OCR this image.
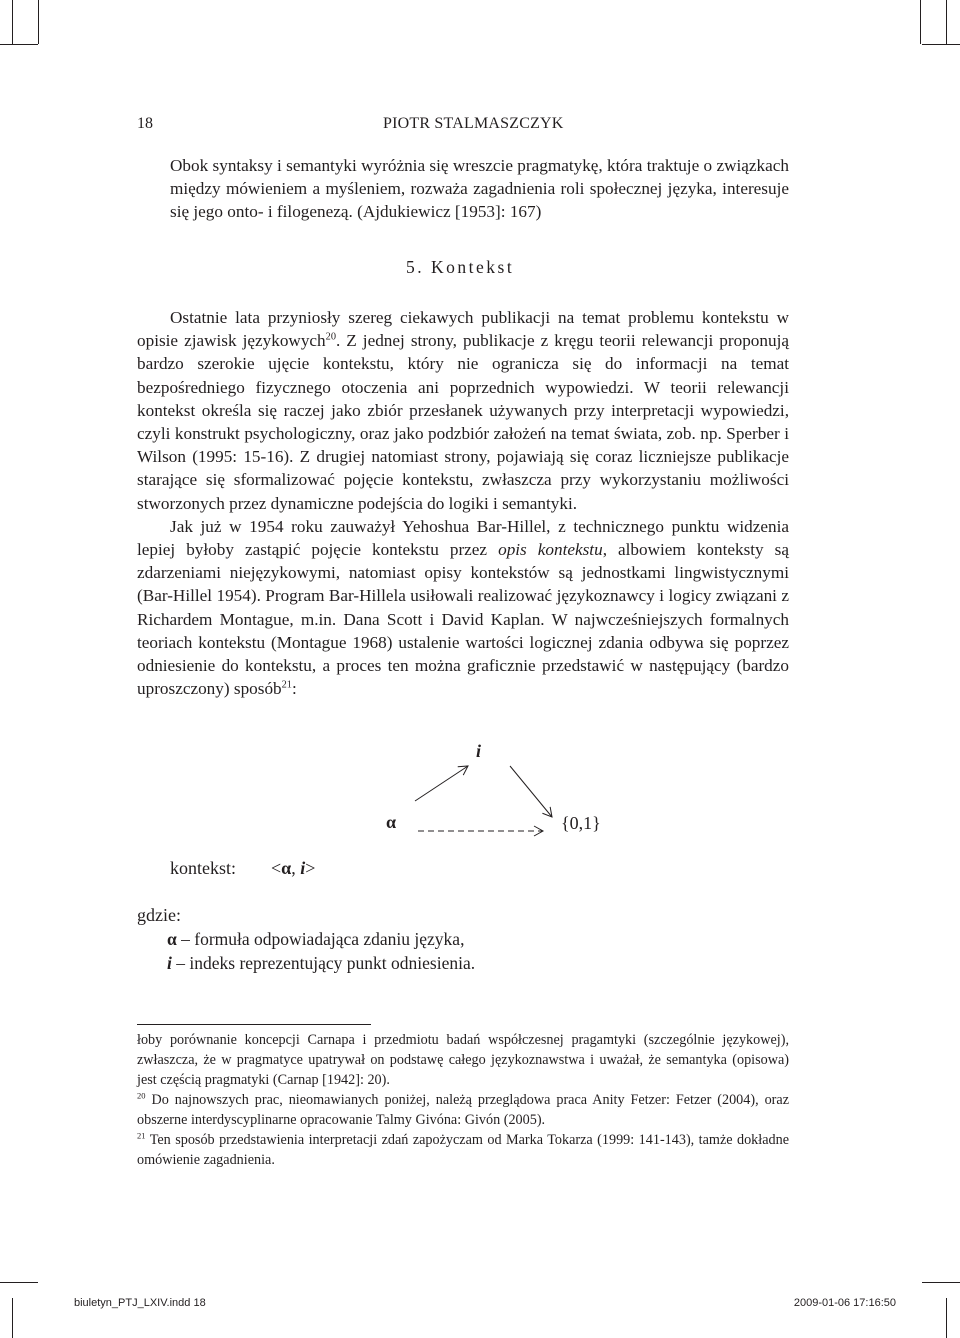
18	PIOTR STALMASZCZYK

Obok syntaksy i semantyki wyróżnia się wreszcie pragmatykę, która traktuje o związkach między mówieniem a myśleniem, rozważa zagadnienia roli społecznej języka, interesuje się jego onto- i filogenezą. (Ajdukiewicz [1953]: 167)

5. Kontekst

Ostatnie lata przyniosły szereg ciekawych publikacji na temat problemu kontekstu w opisie zjawisk językowych$^{20}$. Z jednej strony, publikacje z kręgu teorii relewancji proponują bardzo szerokie ujęcie kontekstu, który nie ogranicza się do informacji na temat bezpośredniego fizycznego otoczenia ani poprzednich wypowiedzi. W teorii relewancji kontekst określa się raczej jako zbiór przesłanek używanych przy interpretacji wypowiedzi, czyli konstrukt psychologiczny, oraz jako podzbiór założeń na temat świata, zob. np. Sperber i Wilson (1995: 15-16). Z drugiej natomiast strony, pojawiają się coraz liczniejsze publikacje starające się sformalizować pojęcie kontekstu, zwłaszcza przy wykorzystaniu możliwości stworzonych przez dynamiczne podejścia do logiki i semantyki.

Jak już w 1954 roku zauważył Yehoshua Bar-Hillel, z technicznego punktu widzenia lepiej byłoby zastąpić pojęcie kontekstu przez opis kontekstu, albowiem konteksty są zdarzeniami niejęzykowymi, natomiast opisy kontekstów są jednostkami lingwistycznymi (Bar-Hillel 1954). Program Bar-Hillela usiłowali realizować językoznawcy i logicy związani z Richardem Montague, m.in. Dana Scott i David Kaplan. W najwcześniejszych formalnych teoriach kontekstu (Montague 1968) ustalenie wartości logicznej zdania odbywa się poprzez odniesienie do kontekstu, a proces ten można graficznie przedstawić w następujący (bardzo uproszczony) sposób$^{21}$:

i
α	{0,1}
kontekst: <α, i>
gdzie:
α – formuła odpowiadająca zdaniu języka,
i – indeks reprezentujący punkt odniesienia.

łoby porównanie koncepcji Carnapa i przedmiotu badań współczesnej pragamtyki (szczególnie językowej), zwłaszcza, że w pragmatyce upatrywał on podstawę całego językoznawstwa i uważał, że semantyka (opisowa) jest częścią pragmatyki (Carnap [1942]: 20).

$^{20}$ Do najnowszych prac, nieomawianych poniżej, należą przeglądowa praca Anity Fetzer: Fetzer (2004), oraz obszerne interdyscyplinarne opracowanie Talmy Givóna: Givón (2005).

$^{21}$ Ten sposób przedstawienia interpretacji zdań zapożyczam od Marka Tokarza (1999: 141-143), tamże dokładne omówienie zagadnienia.

biuletyn_PTJ_LXIV.indd 18	2009-01-06 17:16:50
